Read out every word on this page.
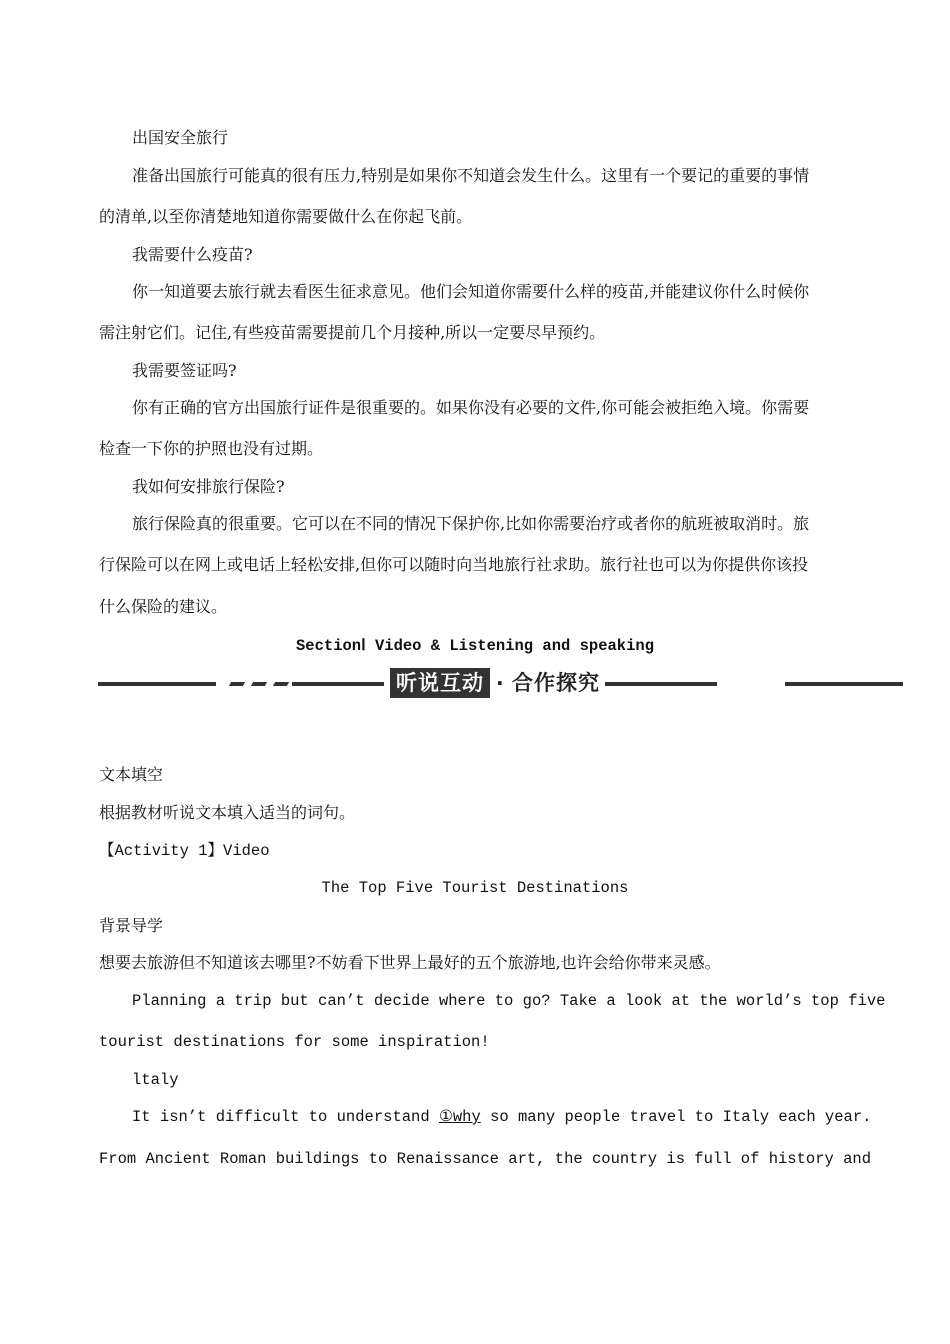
出国安全旅行
准备出国旅行可能真的很有压力,特别是如果你不知道会发生什么。这里有一个要记的重要的事情
的清单,以至你清楚地知道你需要做什么在你起飞前。
我需要什么疫苗?
你一知道要去旅行就去看医生征求意见。他们会知道你需要什么样的疫苗,并能建议你什么时候你
需注射它们。记住,有些疫苗需要提前几个月接种,所以一定要尽早预约。
我需要签证吗?
你有正确的官方出国旅行证件是很重要的。如果你没有必要的文件,你可能会被拒绝入境。你需要
检查一下你的护照也没有过期。
我如何安排旅行保险?
旅行保险真的很重要。它可以在不同的情况下保护你,比如你需要治疗或者你的航班被取消时。旅
行保险可以在网上或电话上轻松安排,但你可以随时向当地旅行社求助。旅行社也可以为你提供你该投
什么保险的建议。
SectionⅠ Video & Listening and speaking
听说互动 · 合作探究
文本填空
根据教材听说文本填入适当的词句。
【Activity 1】Video
The Top Five Tourist Destinations
背景导学
想要去旅游但不知道该去哪里?不妨看下世界上最好的五个旅游地,也许会给你带来灵感。
Planning a trip but can’t decide where to go? Take a look at the world’s top five
tourist destinations for some inspiration!
ltaly
It isn’t difficult to understand ①why so many people travel to Italy each year.
From Ancient Roman buildings to Renaissance art, the country is full of history and
